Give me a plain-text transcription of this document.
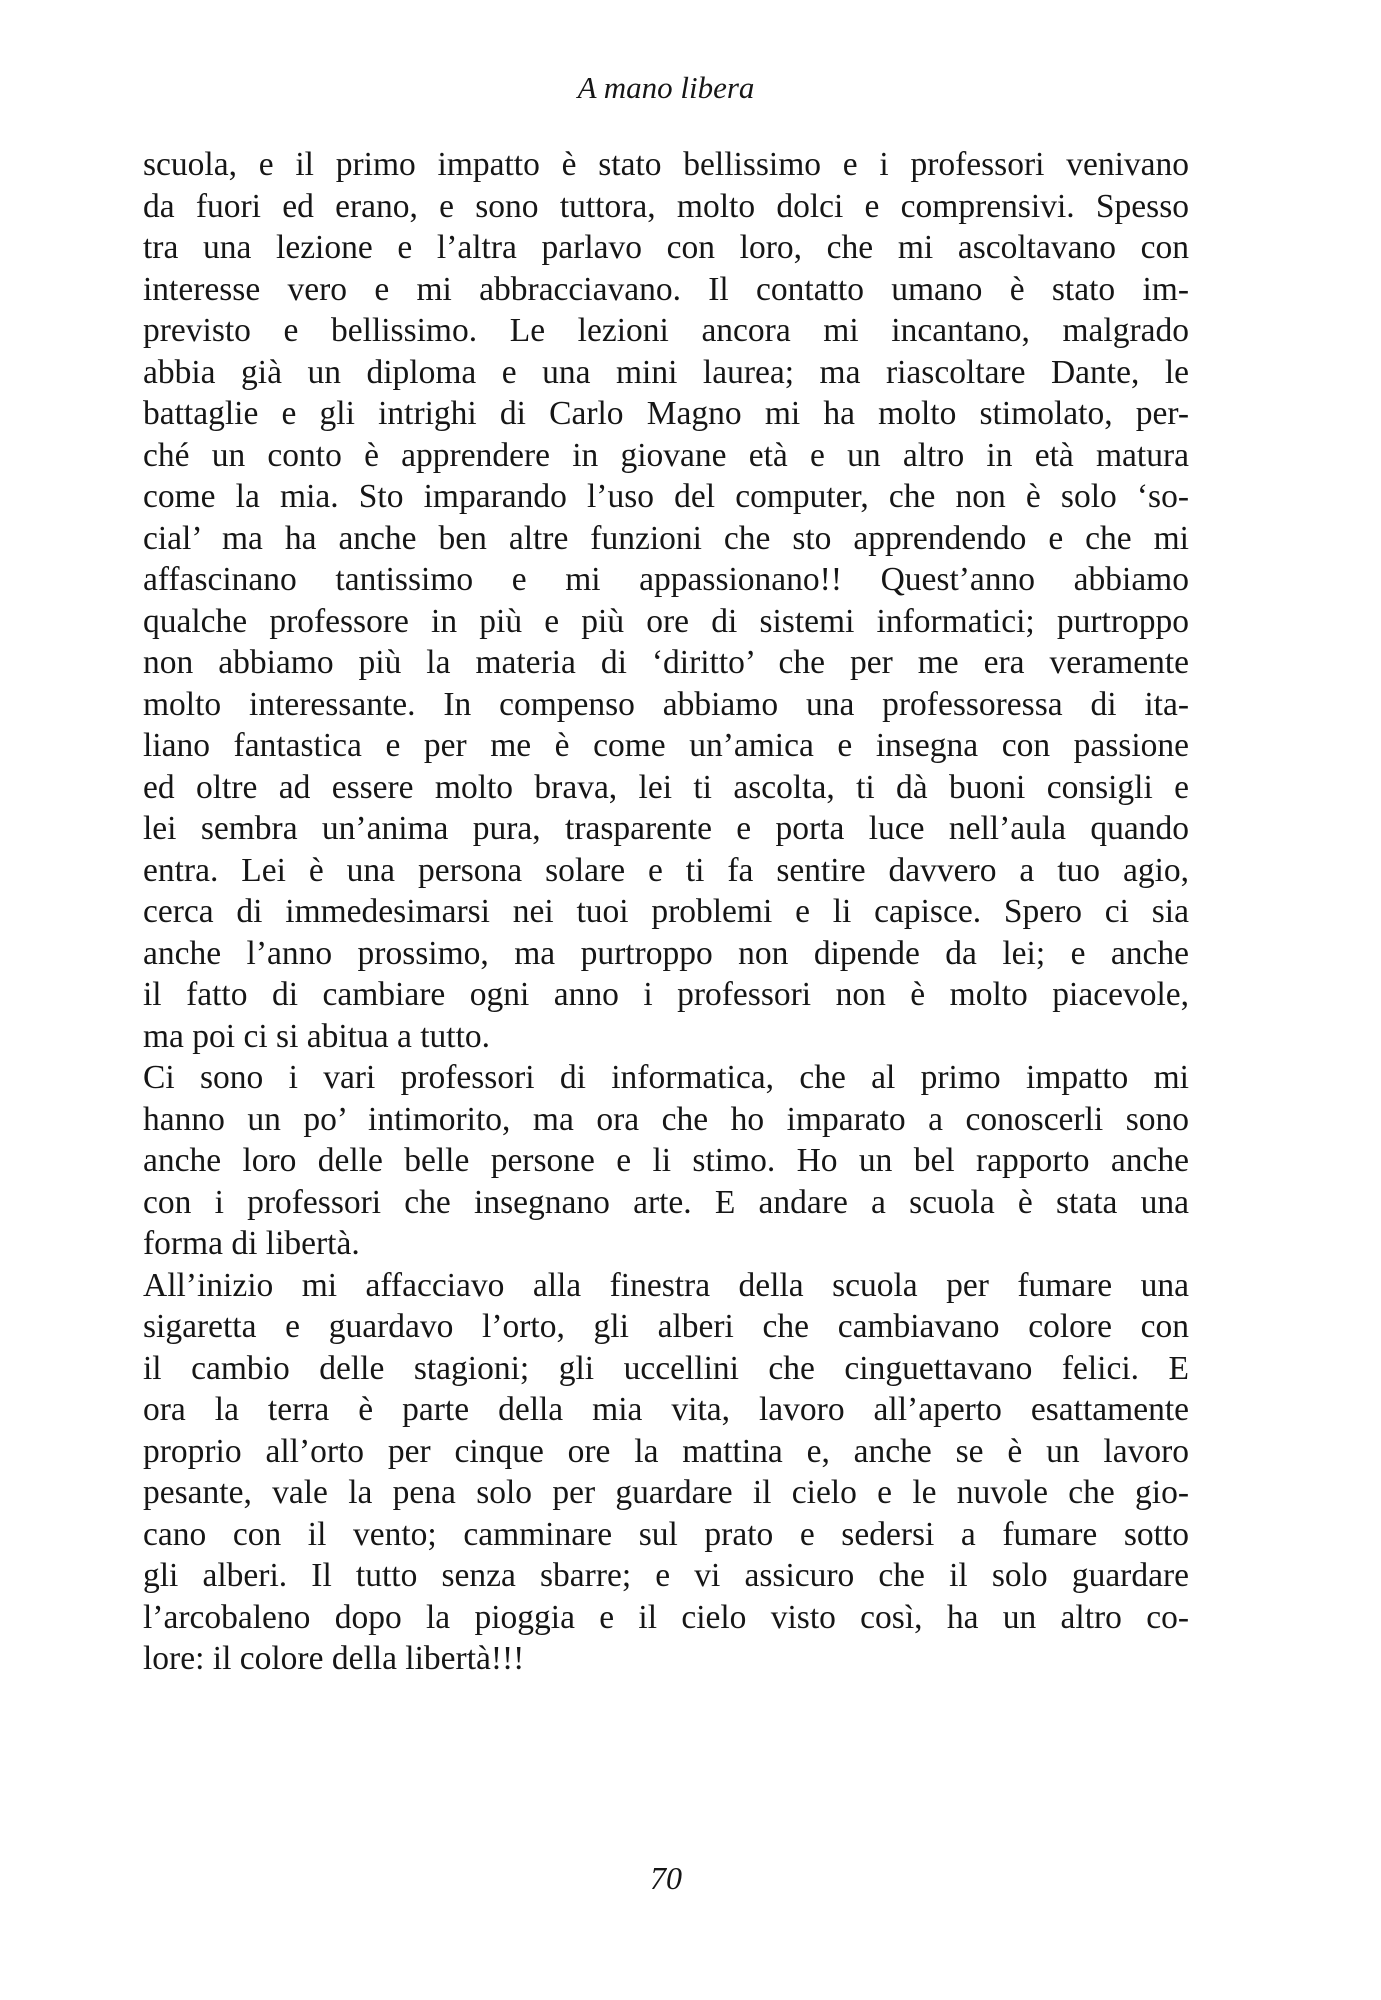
A mano libera
scuola, e il primo impatto è stato bellissimo e i professori venivano
da fuori ed erano, e sono tuttora, molto dolci e comprensivi. Spesso
tra una lezione e l’altra parlavo con loro, che mi ascoltavano con
interesse vero e mi abbracciavano. Il contatto umano è stato im-
previsto e bellissimo. Le lezioni ancora mi incantano, malgrado
abbia già un diploma e una mini laurea; ma riascoltare Dante, le
battaglie e gli intrighi di Carlo Magno mi ha molto stimolato, per-
ché un conto è apprendere in giovane età e un altro in età matura
come la mia. Sto imparando l’uso del computer, che non è solo ‘so-
cial’ ma ha anche ben altre funzioni che sto apprendendo e che mi
affascinano tantissimo e mi appassionano!! Quest’anno abbiamo
qualche professore in più e più ore di sistemi informatici; purtroppo
non abbiamo più la materia di ‘diritto’ che per me era veramente
molto interessante. In compenso abbiamo una professoressa di ita-
liano fantastica e per me è come un’amica e insegna con passione
ed oltre ad essere molto brava, lei ti ascolta, ti dà buoni consigli e
lei sembra un’anima pura, trasparente e porta luce nell’aula quando
entra. Lei è una persona solare e ti fa sentire davvero a tuo agio,
cerca di immedesimarsi nei tuoi problemi e li capisce. Spero ci sia
anche l’anno prossimo, ma purtroppo non dipende da lei; e anche
il fatto di cambiare ogni anno i professori non è molto piacevole,
ma poi ci si abitua a tutto.
Ci sono i vari professori di informatica, che al primo impatto mi
hanno un po’ intimorito, ma ora che ho imparato a conoscerli sono
anche loro delle belle persone e li stimo. Ho un bel rapporto anche
con i professori che insegnano arte. E andare a scuola è stata una
forma di libertà.
All’inizio mi affacciavo alla finestra della scuola per fumare una
sigaretta e guardavo l’orto, gli alberi che cambiavano colore con
il cambio delle stagioni; gli uccellini che cinguettavano felici. E
ora la terra è parte della mia vita, lavoro all’aperto esattamente
proprio all’orto per cinque ore la mattina e, anche se è un lavoro
pesante, vale la pena solo per guardare il cielo e le nuvole che gio-
cano con il vento; camminare sul prato e sedersi a fumare sotto
gli alberi. Il tutto senza sbarre; e vi assicuro che il solo guardare
l’arcobaleno dopo la pioggia e il cielo visto così, ha un altro co-
lore: il colore della libertà!!!
70
